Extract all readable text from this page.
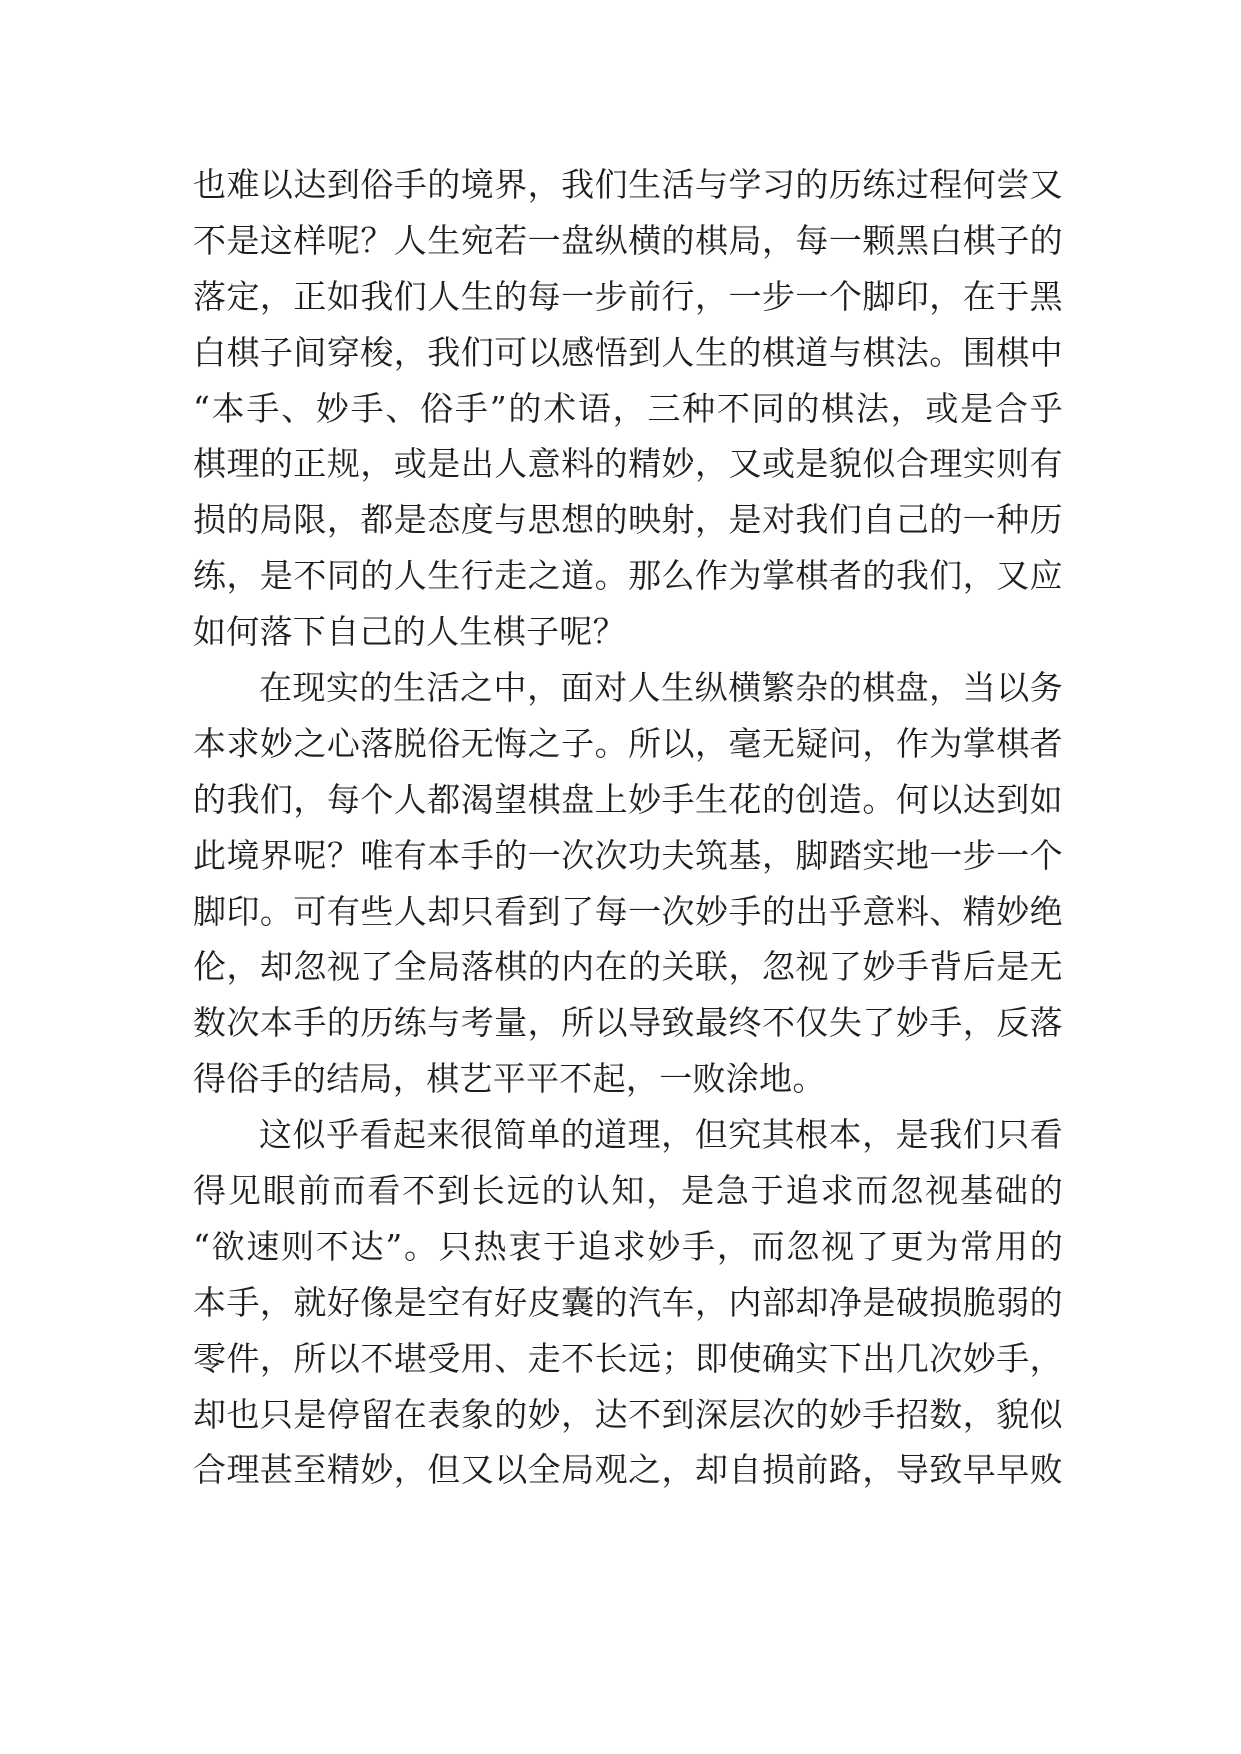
也难以达到俗手的境界，我们生活与学习的历练过程何尝又
不是这样呢？人生宛若一盘纵横的棋局，每一颗黑白棋子的
落定，正如我们人生的每一步前行，一步一个脚印，在于黑
白棋子间穿梭，我们可以感悟到人生的棋道与棋法。围棋中
“本手、妙手、俗手”的术语，三种不同的棋法，或是合乎
棋理的正规，或是出人意料的精妙，又或是貌似合理实则有
损的局限，都是态度与思想的映射，是对我们自己的一种历
练，是不同的人生行走之道。那么作为掌棋者的我们，又应
如何落下自己的人生棋子呢？
在现实的生活之中，面对人生纵横繁杂的棋盘，当以务
本求妙之心落脱俗无悔之子。所以，毫无疑问，作为掌棋者
的我们，每个人都渴望棋盘上妙手生花的创造。何以达到如
此境界呢？唯有本手的一次次功夫筑基，脚踏实地一步一个
脚印。可有些人却只看到了每一次妙手的出乎意料、精妙绝
伦，却忽视了全局落棋的内在的关联，忽视了妙手背后是无
数次本手的历练与考量，所以导致最终不仅失了妙手，反落
得俗手的结局，棋艺平平不起，一败涂地。
这似乎看起来很简单的道理，但究其根本，是我们只看
得见眼前而看不到长远的认知，是急于追求而忽视基础的
“欲速则不达”。只热衷于追求妙手，而忽视了更为常用的
本手，就好像是空有好皮囊的汽车，内部却净是破损脆弱的
零件，所以不堪受用、走不长远；即使确实下出几次妙手，
却也只是停留在表象的妙，达不到深层次的妙手招数，貌似
合理甚至精妙，但又以全局观之，却自损前路，导致早早败
